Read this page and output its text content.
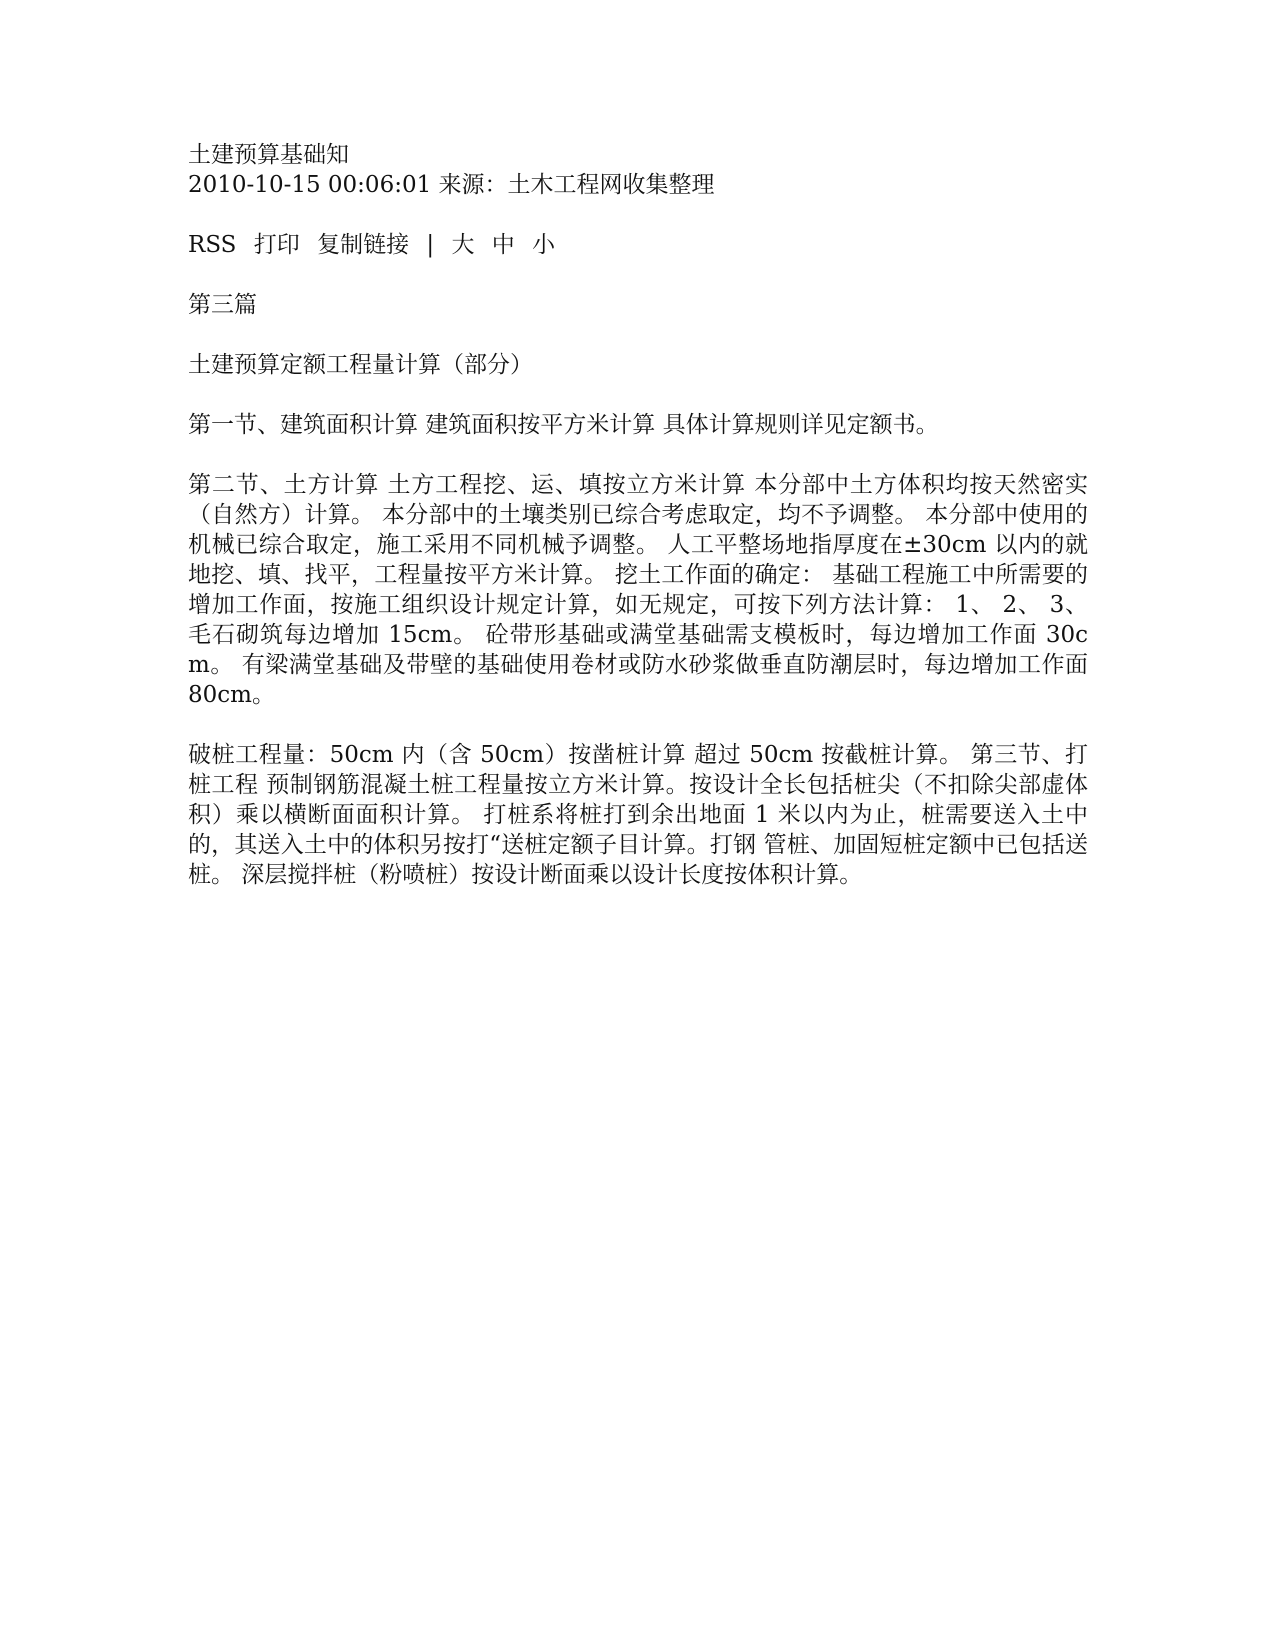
土建预算基础知

2010-10-15 00:06:01 来源：土木工程网收集整理

RSS 打印 复制链接 | 大 中 小

第三篇

土建预算定额工程量计算（部分）

第一节、建筑面积计算 建筑面积按平方米计算 具体计算规则详见定额书。

第二节、土方计算 土方工程挖、运、填按立方米计算 本分部中土方体积均按天然密实（自然方）计算。 本分部中的土壤类别已综合考虑取定，均不予调整。 本分部中使用的机械已综合取定，施工采用不同机械予调整。 人工平整场地指厚度在±30cm 以内的就地挖、填、找平，工程量按平方米计算。 挖土工作面的确定： 基础工程施工中所需要的增加工作面，按施工组织设计规定计算，如无规定，可按下列方法计算： 1、 2、 3、 毛石砌筑每边增加 15cm。 砼带形基础或满堂基础需支模板时，每边增加工作面 30cm。 有梁满堂基础及带壁的基础使用卷材或防水砂浆做垂直防潮层时，每边增加工作面 80cm。

破桩工程量：50cm 内（含 50cm）按凿桩计算 超过 50cm 按截桩计算。 第三节、打桩工程 预制钢筋混凝土桩工程量按立方米计算。按设计全长包括桩尖（不扣除尖部虚体积）乘以横断面面积计算。 打桩系将桩打到余出地面 1 米以内为止，桩需要送入土中的，其送入土中的体积另按打“送桩定额子目计算。打钢 管桩、加固短桩定额中已包括送桩。 深层搅拌桩（粉喷桩）按设计断面乘以设计长度按体积计算。
